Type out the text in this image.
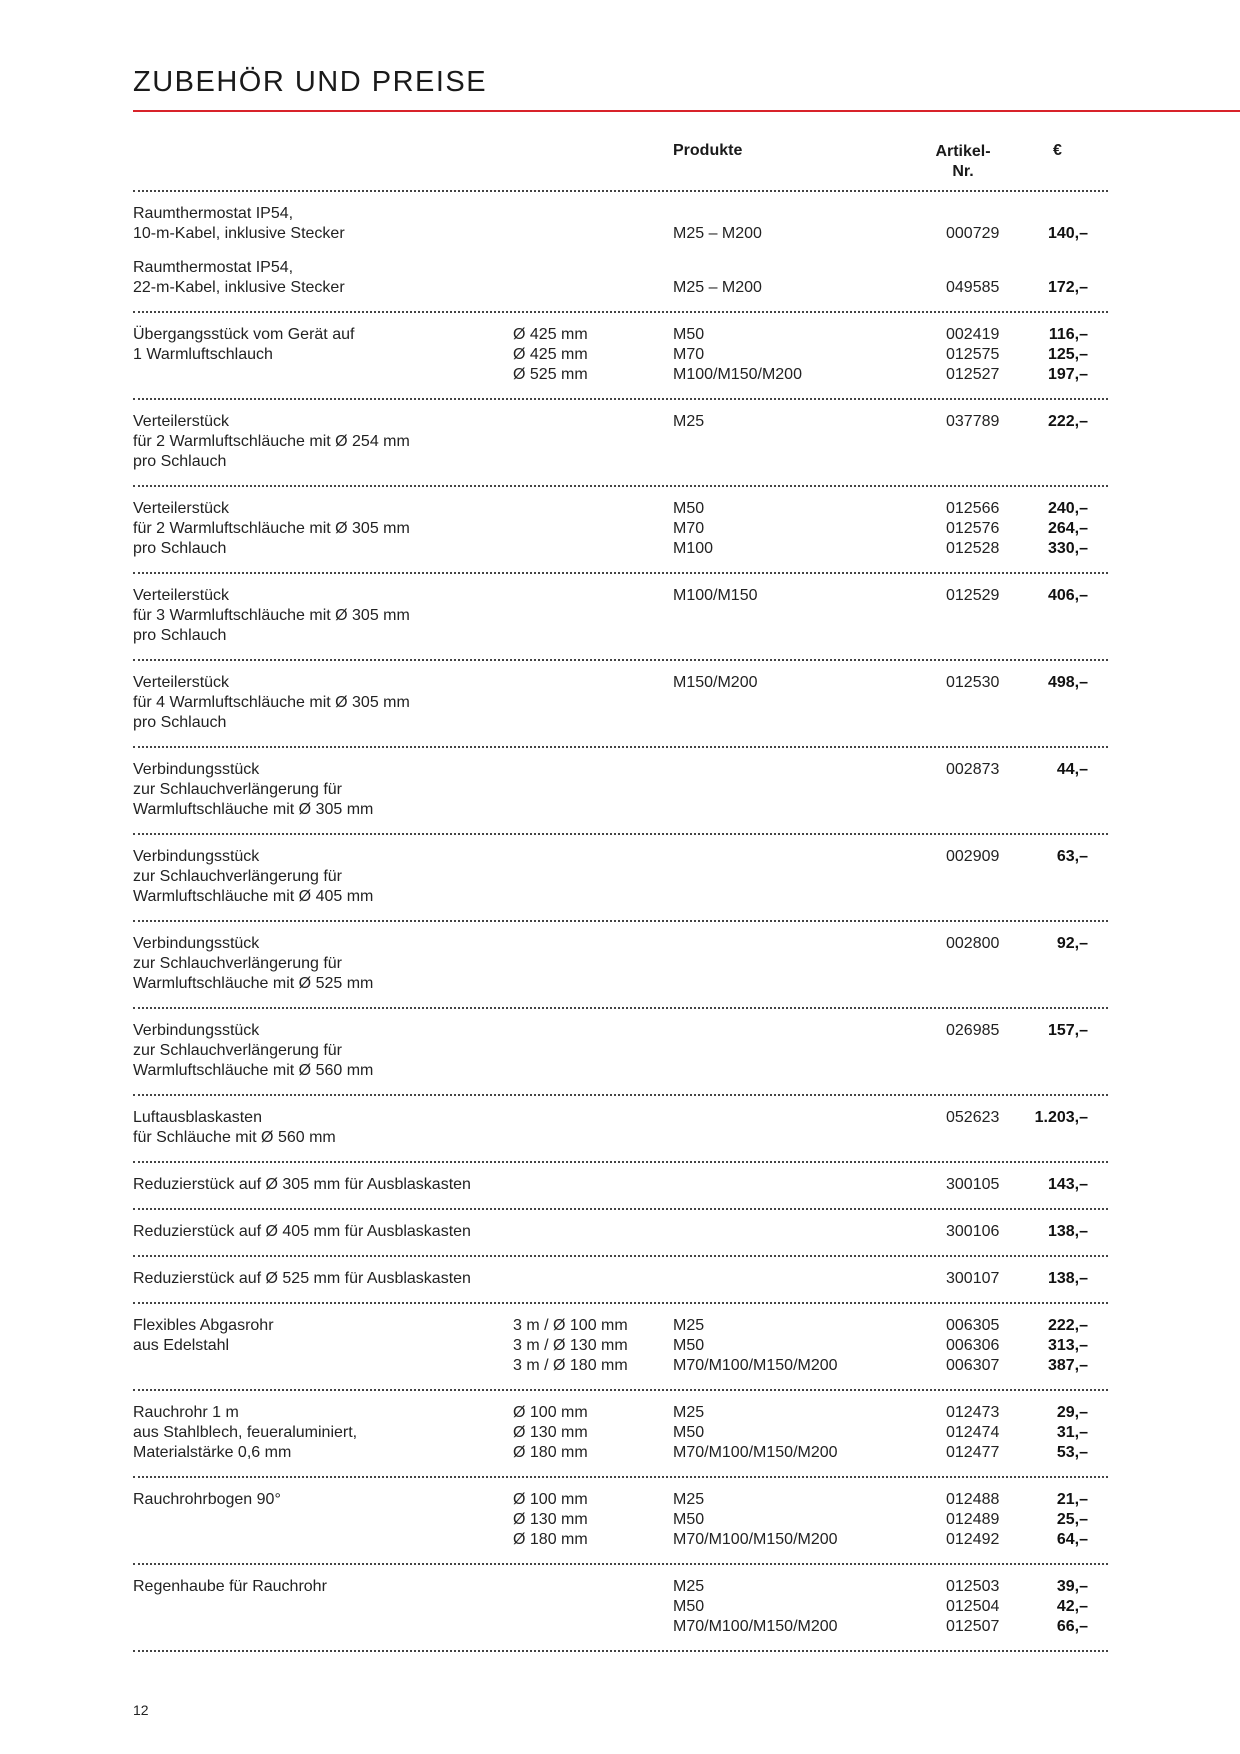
ZUBEHÖR UND PREISE
Produkte	Artikel-
Nr.
€
Raumthermostat IP54,
10-m-Kabel, inklusive Stecker	M25 – M200	000729	140,–
Raumthermostat IP54,
22-m-Kabel, inklusive Stecker	M25 – M200	049585	172,–
Übergangsstück vom Gerät auf	Ø 425 mm	M50	002419	116,–
1 Warmluftschlauch	Ø 425 mm	M70	012575	125,–
Ø 525 mm	M100/M150/M200	012527	197,–
Verteilerstück	M25	037789	222,–
für 2 Warmluftschläuche mit Ø 254 mm
pro Schlauch
Verteilerstück	M50	012566	240,–
für 2 Warmluftschläuche mit Ø 305 mm	M70	012576	264,–
pro Schlauch	M100	012528	330,–
Verteilerstück	M100/M150	012529	406,–
für 3 Warmluftschläuche mit Ø 305 mm
pro Schlauch
Verteilerstück	M150/M200	012530	498,–
für 4 Warmluftschläuche mit Ø 305 mm
pro Schlauch
Verbindungsstück	002873	44,–
zur Schlauchverlängerung für
Warmluftschläuche mit Ø 305 mm
Verbindungsstück	002909	63,–
zur Schlauchverlängerung für
Warmluftschläuche mit Ø 405 mm
Verbindungsstück	002800	92,–
zur Schlauchverlängerung für
Warmluftschläuche mit Ø 525 mm
Verbindungsstück	026985	157,–
zur Schlauchverlängerung für
Warmluftschläuche mit Ø 560 mm
Luftausblaskasten	052623 1.203,–
für Schläuche mit Ø 560 mm
Reduzierstück auf Ø 305 mm für Ausblaskasten	300105	143,–
Reduzierstück auf Ø 405 mm für Ausblaskasten	300106	138,–
Reduzierstück auf Ø 525 mm für Ausblaskasten	300107	138,–
Flexibles Abgasrohr	3 m / Ø 100 mm	M25	006305	222,–
aus Edelstahl	3 m / Ø 130 mm	M50	006306	313,–
3 m / Ø 180 mm	M70/M100/M150/M200	006307	387,–
Rauchrohr 1 m	Ø 100 mm	M25	012473	29,–
aus Stahlblech, feueraluminiert,	Ø 130 mm	M50	012474	31,–
Materialstärke 0,6 mm	Ø 180 mm	M70/M100/M150/M200	012477	53,–
Rauchrohrbogen 90°	Ø 100 mm	M25	012488	21,–
Ø 130 mm	M50	012489	25,–
Ø 180 mm	M70/M100/M150/M200	012492	64,–
Regenhaube für Rauchrohr	M25	012503	39,–
M50	012504	42,–
M70/M100/M150/M200	012507	66,–
12
